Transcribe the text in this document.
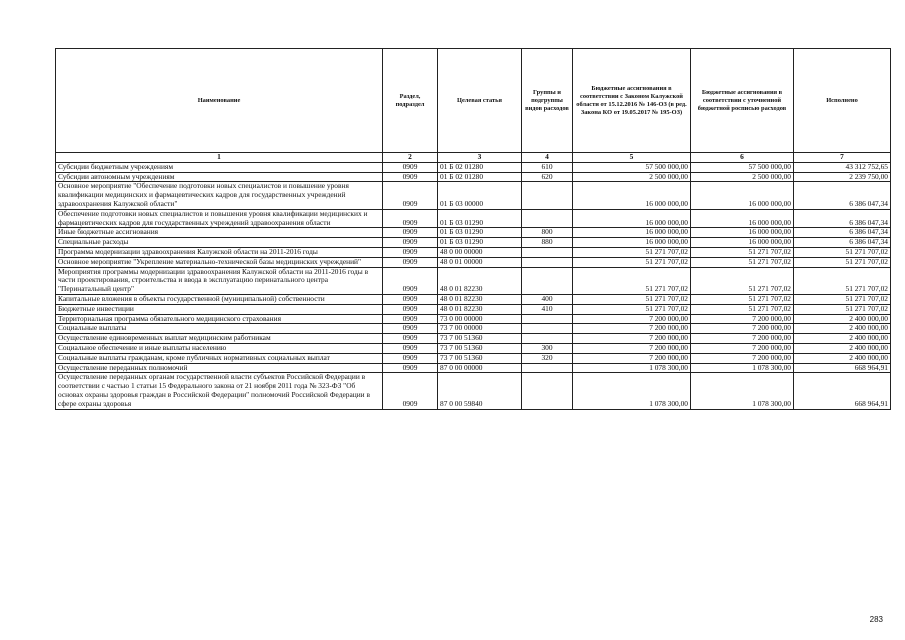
Наименование	Раздел, подраздел	Целевая статья	Группы и подгруппы видов расходов	Бюджетные ассигнования в соответствии с Законом Калужской области от 15.12.2016 № 146-ОЗ (в ред. Закона КО от 19.05.2017 № 195-ОЗ)	Бюджетные ассигнования в соответствии с уточненной бюджетной росписью расходов	Исполнено
1	2	3	4	5	6	7
Субсидии бюджетным учреждениям	0909	01 Б 02 01280	610	57 500 000,00	57 500 000,00	43 312 752,65
Субсидии автономным учреждениям	0909	01 Б 02 01280	620	2 500 000,00	2 500 000,00	2 239 750,00
Основное мероприятие "Обеспечение подготовки новых специалистов и повышение уровня квалификации медицинских и фармацевтических кадров для государственных учреждений здравоохранения Калужской области"	0909	01 Б 03 00000		16 000 000,00	16 000 000,00	6 386 047,34
Обеспечение подготовки новых специалистов и повышения уровня квалификации медицинских и фармацевтических кадров для государственных учреждений здравоохранения области	0909	01 Б 03 01290		16 000 000,00	16 000 000,00	6 386 047,34
Иные бюджетные ассигнования	0909	01 Б 03 01290	800	16 000 000,00	16 000 000,00	6 386 047,34
Специальные расходы	0909	01 Б 03 01290	880	16 000 000,00	16 000 000,00	6 386 047,34
Программа модернизации здравоохранения Калужской области на 2011-2016 годы	0909	48 0 00 00000		51 271 707,02	51 271 707,02	51 271 707,02
Основное мероприятие "Укрепление материально-технической базы медицинских учреждений"	0909	48 0 01 00000		51 271 707,02	51 271 707,02	51 271 707,02
Мероприятия программы модернизации здравоохранения Калужской области на 2011-2016 годы в части проектирования, строительства и ввода в эксплуатацию перинатального центра "Перинатальный центр"	0909	48 0 01 82230		51 271 707,02	51 271 707,02	51 271 707,02
Капитальные вложения в объекты государственной (муниципальной) собственности	0909	48 0 01 82230	400	51 271 707,02	51 271 707,02	51 271 707,02
Бюджетные инвестиции	0909	48 0 01 82230	410	51 271 707,02	51 271 707,02	51 271 707,02
Территориальная программа обязательного медицинского страхования	0909	73 0 00 00000		7 200 000,00	7 200 000,00	2 400 000,00
Социальные выплаты	0909	73 7 00 00000		7 200 000,00	7 200 000,00	2 400 000,00
Осуществление единовременных выплат медицинским работникам	0909	73 7 00 51360		7 200 000,00	7 200 000,00	2 400 000,00
Социальное обеспечение и иные выплаты населению	0909	73 7 00 51360	300	7 200 000,00	7 200 000,00	2 400 000,00
Социальные выплаты гражданам, кроме публичных нормативных социальных выплат	0909	73 7 00 51360	320	7 200 000,00	7 200 000,00	2 400 000,00
Осуществление переданных полномочий	0909	87 0 00 00000		1 078 300,00	1 078 300,00	668 964,91
Осуществление переданных органам государственной власти субъектов Российской Федерации в соответствии с частью 1 статьи 15 Федерального закона от 21 ноября 2011 года № 323-ФЗ "Об основах охраны здоровья граждан в Российской Федерации" полномочий Российской Федерации в сфере охраны здоровья	0909	87 0 00 59840		1 078 300,00	1 078 300,00	668 964,91
283
